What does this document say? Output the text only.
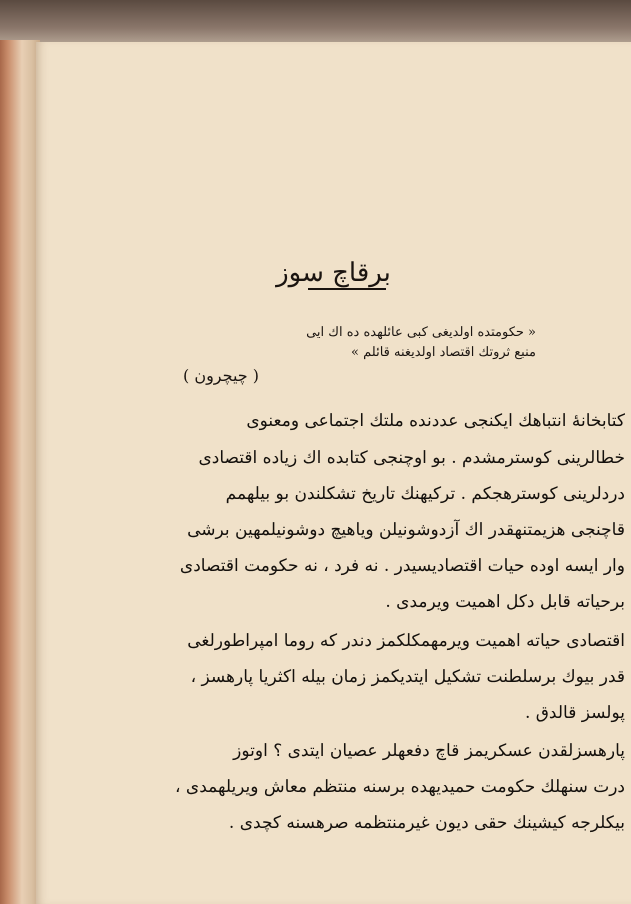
برقاچ سوز
« حكومتده اولديغى كبى عائلهده ده اك ايى
منبع ثروتك اقتصاد اولديغنه قائلم »
( چيچرون )
كتابخانهٔ انتباهك ايكنجى عددنده ملتك اجتماعى ومعنوى
خطالرينى كوسترمشدم . بو اوچنجى كتابده اك زياده اقتصادى
دردلرينى كوسترهجكم . تركيهنك تاريخ تشكلندن بو بيلهمم
قاچنجى هزيمتنهقدر اك آزدوشونيلن وياهيچ دوشونيلمهين برشى
وار ايسه اوده حيات اقتصاديسيدر . نه فرد ، نه حكومت اقتصادى
برحياته قابل دكل اهميت ويرمدى .
اقتصادى حياته اهميت ويرمهمكلكمز دندر كه روما امپراطورلغى
قدر بيوك برسلطنت تشكيل ايتديكمز زمان بيله اكثريا پارهسز ،
پولسز قالدق .
پارهسزلقدن عسكريمز قاچ دفعهلر عصيان ايتدى ؟ اوتوز
درت سنهلك حكومت حميديهده برسنه منتظم معاش ويريلهمدى ،
بيكلرجه كيشينك حقى ديون غيرمنتظمه صرهسنه كچدى .
